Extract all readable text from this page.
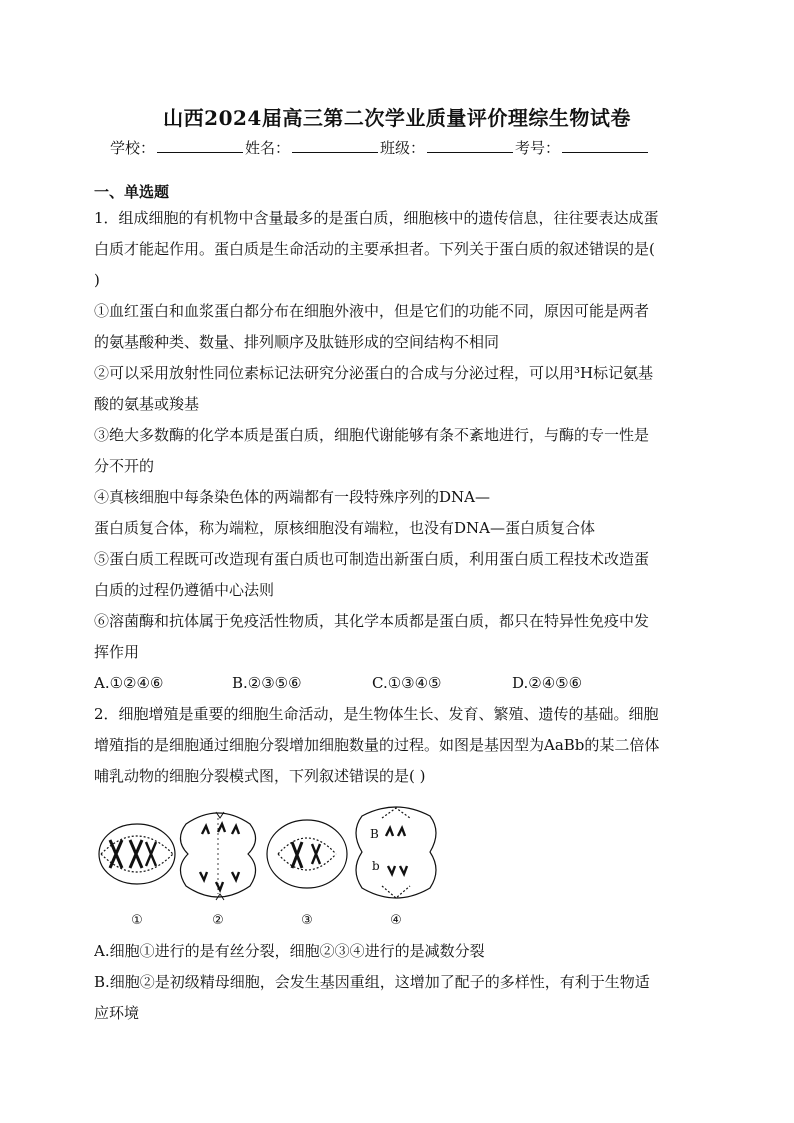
山西2024届高三第二次学业质量评价理综生物试卷
学校：	姓名：	班级：	考号：
一、单选题
1．组成细胞的有机物中含量最多的是蛋白质，细胞核中的遗传信息，往往要表达成蛋
白质才能起作用。蛋白质是生命活动的主要承担者。下列关于蛋白质的叙述错误的是(
)
①血红蛋白和血浆蛋白都分布在细胞外液中，但是它们的功能不同，原因可能是两者
的氨基酸种类、数量、排列顺序及肽链形成的空间结构不相同
②可以采用放射性同位素标记法研究分泌蛋白的合成与分泌过程，可以用³H标记氨基
酸的氨基或羧基
③绝大多数酶的化学本质是蛋白质，细胞代谢能够有条不紊地进行，与酶的专一性是
分不开的
④真核细胞中每条染色体的两端都有一段特殊序列的DNA—
蛋白质复合体，称为端粒，原核细胞没有端粒，也没有DNA—蛋白质复合体
⑤蛋白质工程既可改造现有蛋白质也可制造出新蛋白质，利用蛋白质工程技术改造蛋
白质的过程仍遵循中心法则
⑥溶菌酶和抗体属于免疫活性物质，其化学本质都是蛋白质，都只在特异性免疫中发
挥作用
A.①②④⑥	B.②③⑤⑥	C.①③④⑤	D.②④⑤⑥
2．细胞增殖是重要的细胞生命活动，是生物体生长、发育、繁殖、遗传的基础。细胞
增殖指的是细胞通过细胞分裂增加细胞数量的过程。如图是基因型为AaBb的某二倍体
哺乳动物的细胞分裂模式图，下列叙述错误的是( )
B
b
①	②	③	④
A.细胞①进行的是有丝分裂，细胞②③④进行的是减数分裂
B.细胞②是初级精母细胞，会发生基因重组，这增加了配子的多样性，有利于生物适
应环境
